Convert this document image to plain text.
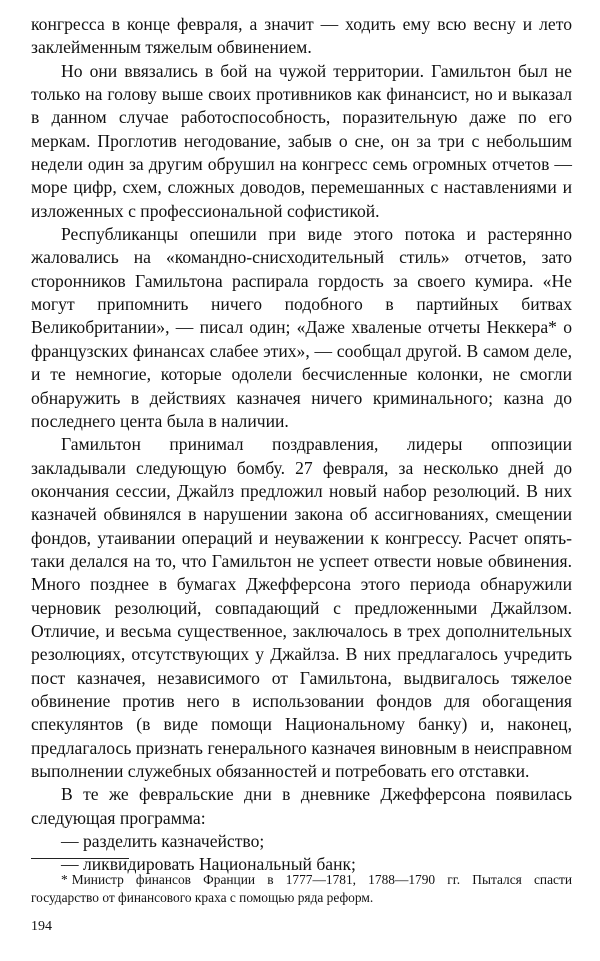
конгресса в конце февраля, а значит — ходить ему всю весну и лето заклейменным тяжелым обвинением.

Но они ввязались в бой на чужой территории. Гамильтон был не только на голову выше своих противников как финансист, но и выказал в данном случае работоспособность, поразительную даже по его меркам. Проглотив негодование, забыв о сне, он за три с небольшим недели один за другим обрушил на конгресс семь огромных отчетов — море цифр, схем, сложных доводов, перемешанных с наставлениями и изложенных с профессиональной софистикой.

Республиканцы опешили при виде этого потока и растерянно жаловались на «командно-снисходительный стиль» отчетов, зато сторонников Гамильтона распирала гордость за своего кумира. «Не могут припомнить ничего подобного в партийных битвах Великобритании», — писал один; «Даже хваленые отчеты Неккера* о французских финансах слабее этих», — сообщал другой. В самом деле, и те немногие, которые одолели бесчисленные колонки, не смогли обнаружить в действиях казначея ничего криминального; казна до последнего цента была в наличии.

Гамильтон принимал поздравления, лидеры оппозиции закладывали следующую бомбу. 27 февраля, за несколько дней до окончания сессии, Джайлз предложил новый набор резолюций. В них казначей обвинялся в нарушении закона об ассигнованиях, смещении фондов, утаивании операций и неуважении к конгрессу. Расчет опять-таки делался на то, что Гамильтон не успеет отвести новые обвинения. Много позднее в бумагах Джефферсона этого периода обнаружили черновик резолюций, совпадающий с предложенными Джайлзом. Отличие, и весьма существенное, заключалось в трех дополнительных резолюциях, отсутствующих у Джайлза. В них предлагалось учредить пост казначея, независимого от Гамильтона, выдвигалось тяжелое обвинение против него в использовании фондов для обогащения спекулянтов (в виде помощи Национальному банку) и, наконец, предлагалось признать генерального казначея виновным в неисправном выполнении служебных обязанностей и потребовать его отставки.

В те же февральские дни в дневнике Джефферсона появилась следующая программа:

— разделить казначейство;

— ликвидировать Национальный банк;

* Министр финансов Франции в 1777—1781, 1788—1790 гг. Пытался спасти государство от финансового краха с помощью ряда реформ.
194
